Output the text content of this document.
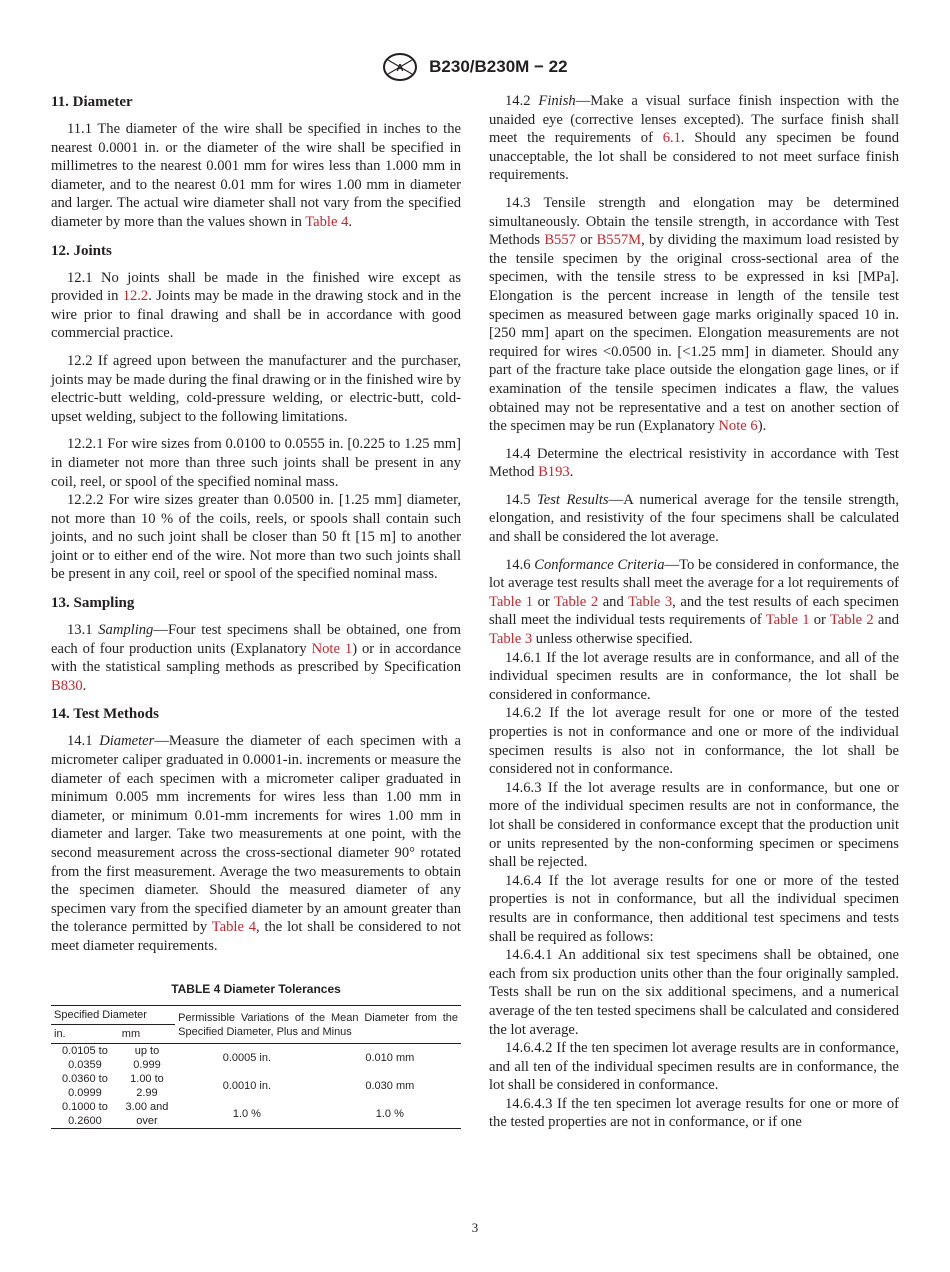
A B230/B230M − 22
11. Diameter

11.1 The diameter of the wire shall be specified in inches to the nearest 0.0001 in. or the diameter of the wire shall be specified in millimetres to the nearest 0.001 mm for wires less than 1.000 mm in diameter, and to the nearest 0.01 mm for wires 1.00 mm in diameter and larger. The actual wire diameter shall not vary from the specified diameter by more than the values shown in Table 4.

12. Joints

12.1 No joints shall be made in the finished wire except as provided in 12.2. Joints may be made in the drawing stock and in the wire prior to final drawing and shall be in accordance with good commercial practice.

12.2 If agreed upon between the manufacturer and the purchaser, joints may be made during the final drawing or in the finished wire by electric-butt welding, cold-pressure welding, or electric-butt, cold-upset welding, subject to the following limitations.

12.2.1 For wire sizes from 0.0100 to 0.0555 in. [0.225 to 1.25 mm] in diameter not more than three such joints shall be present in any coil, reel, or spool of the specified nominal mass.

12.2.2 For wire sizes greater than 0.0500 in. [1.25 mm] diameter, not more than 10 % of the coils, reels, or spools shall contain such joints, and no such joint shall be closer than 50 ft [15 m] to another joint or to either end of the wire. Not more than two such joints shall be present in any coil, reel or spool of the specified nominal mass.

13. Sampling

13.1 Sampling—Four test specimens shall be obtained, one from each of four production units (Explanatory Note 1) or in accordance with the statistical sampling methods as prescribed by Specification B830.

14. Test Methods

14.1 Diameter—Measure the diameter of each specimen with a micrometer caliper graduated in 0.0001-in. increments or measure the diameter of each specimen with a micrometer caliper graduated in minimum 0.005 mm increments for wires less than 1.00 mm in diameter, or minimum 0.01-mm increments for wires 1.00 mm in diameter and larger. Take two measurements at one point, with the second measurement across the cross-sectional diameter 90° rotated from the first measurement. Average the two measurements to obtain the specimen diameter. Should the measured diameter of any specimen vary from the specified diameter by an amount greater than the tolerance permitted by Table 4, the lot shall be considered to not meet diameter requirements.

TABLE 4 Diameter Tolerances
Specified Diameter		Permissible Variations of the Mean Diameter from the Specified Diameter, Plus and Minus	
in.	mm		
0.0105 to 0.0359	up to 0.999	0.0005 in.	0.010 mm
0.0360 to 0.0999	1.00 to 2.99	0.0010 in.	0.030 mm
0.1000 to 0.2600	3.00 and over	1.0 %	1.0 %

14.2 Finish—Make a visual surface finish inspection with the unaided eye (corrective lenses excepted). The surface finish shall meet the requirements of 6.1. Should any specimen be found unacceptable, the lot shall be considered to not meet surface finish requirements.

14.3 Tensile strength and elongation may be determined simultaneously. Obtain the tensile strength, in accordance with Test Methods B557 or B557M, by dividing the maximum load resisted by the tensile specimen by the original cross-sectional area of the specimen, with the tensile stress to be expressed in ksi [MPa]. Elongation is the percent increase in length of the tensile test specimen as measured between gage marks originally spaced 10 in. [250 mm] apart on the specimen. Elongation measurements are not required for wires <0.0500 in. [<1.25 mm] in diameter. Should any part of the fracture take place outside the elongation gage lines, or if examination of the tensile specimen indicates a flaw, the values obtained may not be representative and a test on another section of the specimen may be run (Explanatory Note 6).

14.4 Determine the electrical resistivity in accordance with Test Method B193.

14.5 Test Results—A numerical average for the tensile strength, elongation, and resistivity of the four specimens shall be calculated and shall be considered the lot average.

14.6 Conformance Criteria—To be considered in conformance, the lot average test results shall meet the average for a lot requirements of Table 1 or Table 2 and Table 3, and the test results of each specimen shall meet the individual tests requirements of Table 1 or Table 2 and Table 3 unless otherwise specified.

14.6.1 If the lot average results are in conformance, and all of the individual specimen results are in conformance, the lot shall be considered in conformance.

14.6.2 If the lot average result for one or more of the tested properties is not in conformance and one or more of the individual specimen results is also not in conformance, the lot shall be considered not in conformance.

14.6.3 If the lot average results are in conformance, but one or more of the individual specimen results are not in conformance, the lot shall be considered in conformance except that the production unit or units represented by the non-conforming specimen or specimens shall be rejected.

14.6.4 If the lot average results for one or more of the tested properties is not in conformance, but all the individual specimen results are in conformance, then additional test specimens and tests shall be required as follows:

14.6.4.1 An additional six test specimens shall be obtained, one each from six production units other than the four originally sampled. Tests shall be run on the six additional specimens, and a numerical average of the ten tested specimens shall be calculated and considered the lot average.

14.6.4.2 If the ten specimen lot average results are in conformance, and all ten of the individual specimen results are in conformance, the lot shall be considered in conformance.

14.6.4.3 If the ten specimen lot average results for one or more of the tested properties are not in conformance, or if one

3
